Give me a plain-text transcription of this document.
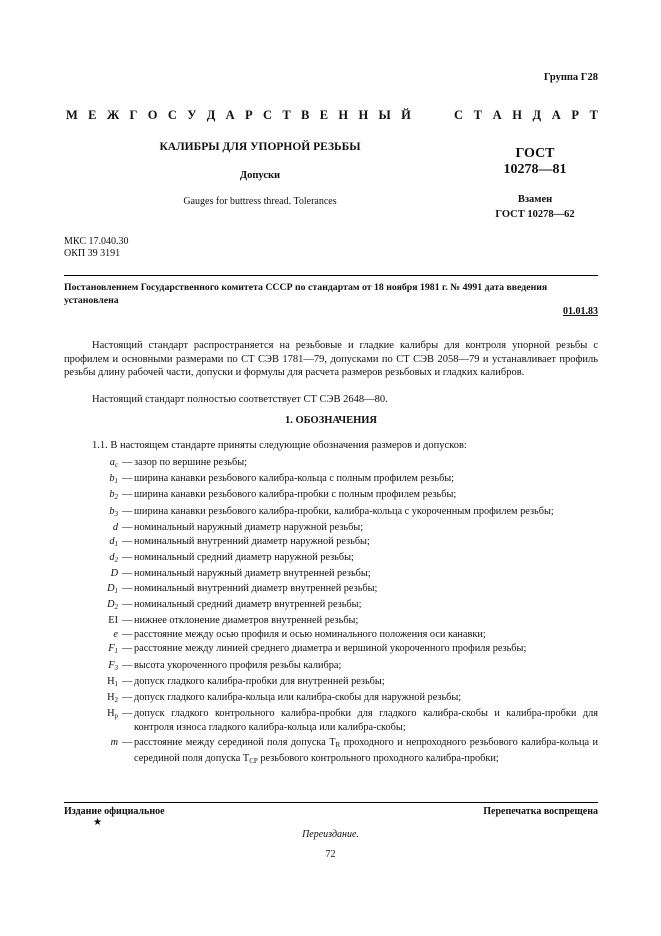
Группа Г28
М Е Ж Г О С У Д А Р С Т В Е Н Н Ы Й	С Т А Н Д А Р Т
КАЛИБРЫ ДЛЯ УПОРНОЙ РЕЗЬБЫ
Допуски
Gauges for buttress thread. Tolerances
ГОСТ
10278—81
Взамен
ГОСТ 10278—62
МКС 17.040.30
ОКП 39 3191
Постановлением Государственного комитета СССР по стандартам от 18 ноября 1981 г. № 4991 дата введения установлена
01.01.83
Настоящий стандарт распространяется на резьбовые и гладкие калибры для контроля упорной резьбы с профилем и основными размерами по СТ СЭВ 1781—79, допусками по СТ СЭВ 2058—79 и устанавливает профиль резьбы длину рабочей части, допуски и формулы для расчета размеров резьбовых и гладких калибров.
Настоящий стандарт полностью соответствует СТ СЭВ 2648—80.
1. ОБОЗНАЧЕНИЯ
1.1. В настоящем стандарте приняты следующие обозначения размеров и допусков:
$a_c$ — зазор по вершине резьбы;
$b_1$ — ширина канавки резьбового калибра-кольца с полным профилем резьбы;
$b_2$ — ширина канавки резьбового калибра-пробки с полным профилем резьбы;
$b_3$ — ширина канавки резьбового калибра-пробки, калибра-кольца с укороченным профилем резьбы;
d — номинальный наружный диаметр наружной резьбы;
$d_1$ — номинальный внутренний диаметр наружной резьбы;
$d_2$ — номинальный средний диаметр наружной резьбы;
D — номинальный наружный диаметр внутренней резьбы;
$D_1$ — номинальный внутренний диаметр внутренней резьбы;
$D_2$ — номинальный средний диаметр внутренней резьбы;
EI — нижнее отклонение диаметров внутренней резьбы;
e — расстояние между осью профиля и осью номинального положения оси канавки;
$F_1$ — расстояние между линией среднего диаметра и вершиной укороченного профиля резьбы;
$F_3$ — высота укороченного профиля резьбы калибра;
$H_1$ — допуск гладкого калибра-пробки для внутренней резьбы;
$H_2$ — допуск гладкого калибра-кольца или калибра-скобы для наружной резьбы;
$H_p$ — допуск гладкого контрольного калибра-пробки для гладкого калибра-скобы и калибра-пробки для контроля износа гладкого калибра-кольца или калибра-скобы;
m — расстояние между серединой поля допуска $T_R$ проходного и непроходного резьбового калибра-кольца и серединой поля допуска $T_{CP}$ резьбового контрольного проходного калибра-пробки;
Издание официальное
★
Перепечатка воспрещена
Переиздание.
72
